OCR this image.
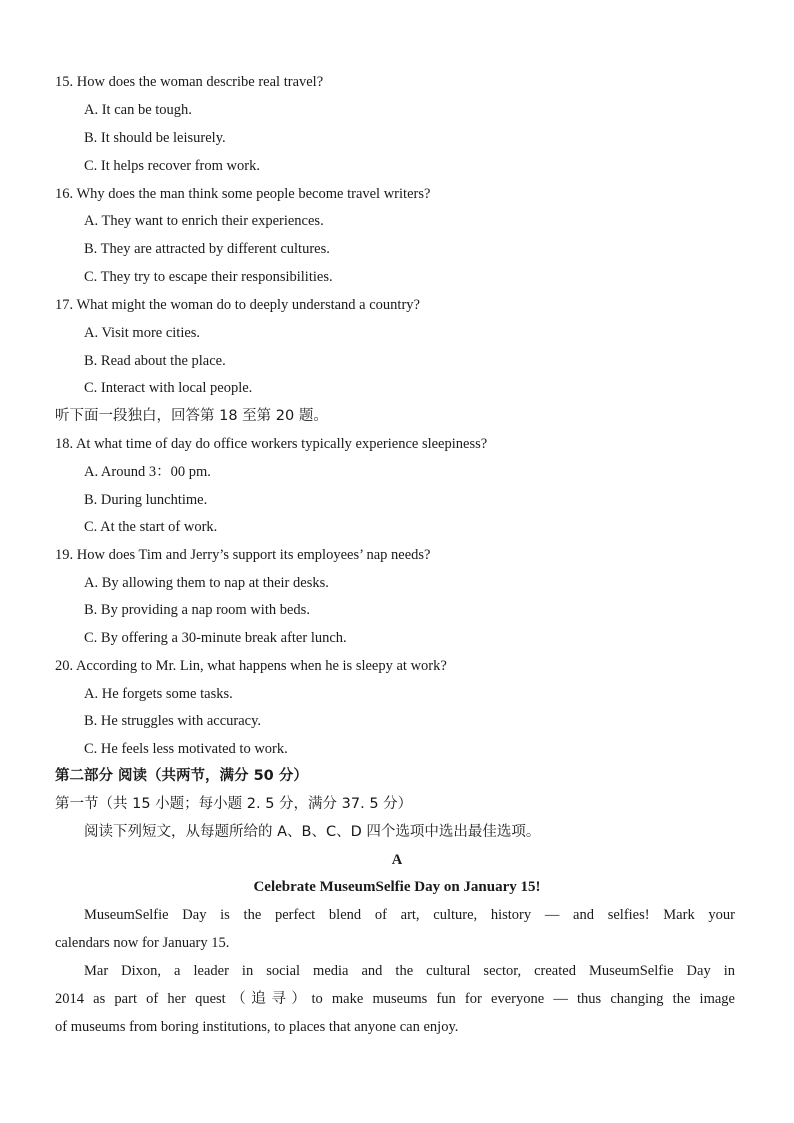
15. How does the woman describe real travel?
A. It can be tough.
B. It should be leisurely.
C. It helps recover from work.
16. Why does the man think some people become travel writers?
A. They want to enrich their experiences.
B. They are attracted by different cultures.
C. They try to escape their responsibilities.
17. What might the woman do to deeply understand a country?
A. Visit more cities.
B. Read about the place.
C. Interact with local people.
听下面一段独白，回答第 18 至第 20 题。
18. At what time of day do office workers typically experience sleepiness?
A. Around 3：00 pm.
B. During lunchtime.
C. At the start of work.
19. How does Tim and Jerry’s support its employees’ nap needs?
A. By allowing them to nap at their desks.
B. By providing a nap room with beds.
C. By offering a 30-minute break after lunch.
20. According to Mr. Lin, what happens when he is sleepy at work?
A. He forgets some tasks.
B. He struggles with accuracy.
C. He feels less motivated to work.
第二部分 阅读（共两节，满分 50 分）
第一节（共 15 小题；每小题 2. 5 分，满分 37. 5 分）
阅读下列短文，从每题所给的 A、B、C、D 四个选项中选出最佳选项。
A
Celebrate MuseumSelfie Day on January 15!
MuseumSelfie Day is the perfect blend of art, culture, history — and selfies! Mark your
calendars now for January 15.
Mar Dixon, a leader in social media and the cultural sector, created MuseumSelfie Day in
2014 as part of her quest（追寻）to make museums fun for everyone — thus changing the image
of museums from boring institutions, to places that anyone can enjoy.
